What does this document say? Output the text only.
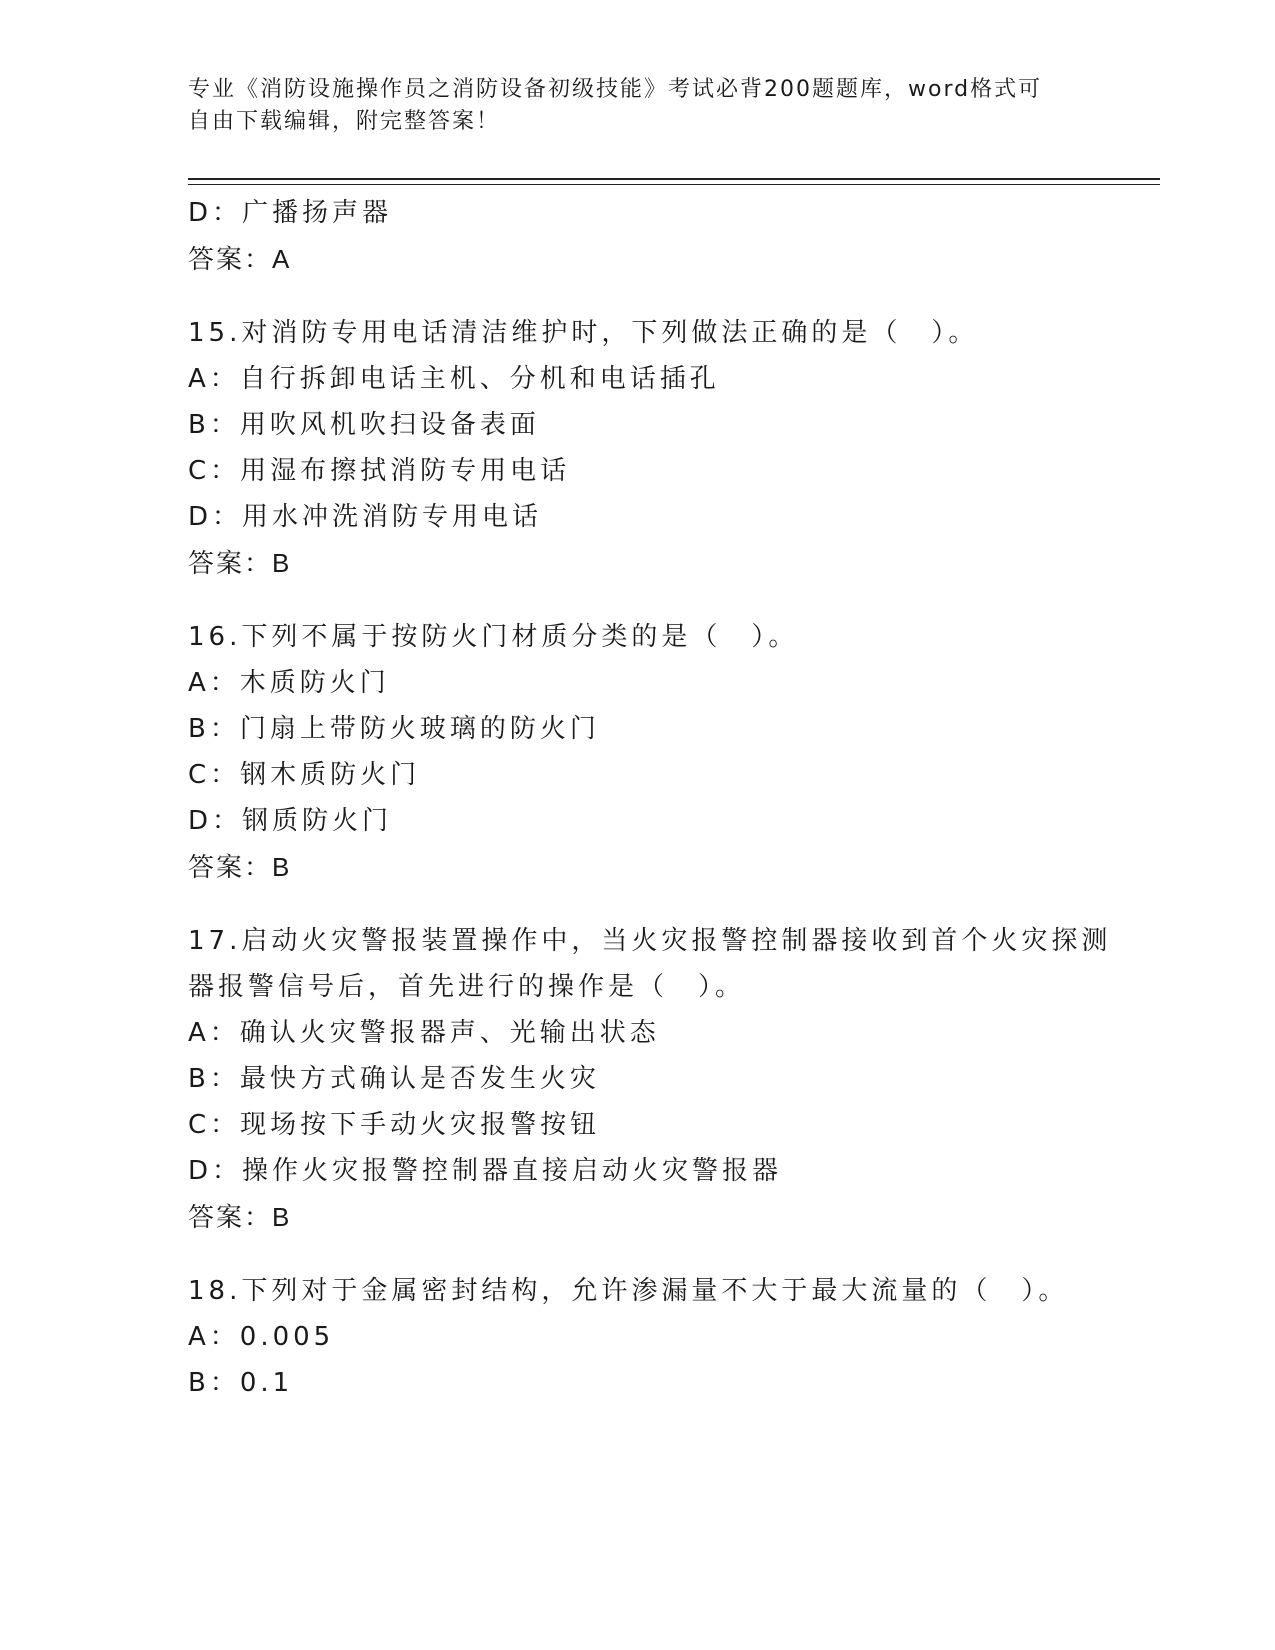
专业《消防设施操作员之消防设备初级技能》考试必背200题题库，word格式可
自由下载编辑，附完整答案！
D：广播扬声器
答案：A
15.对消防专用电话清洁维护时，下列做法正确的是（　）。
A：自行拆卸电话主机、分机和电话插孔
B：用吹风机吹扫设备表面
C：用湿布擦拭消防专用电话
D：用水冲洗消防专用电话
答案：B
16.下列不属于按防火门材质分类的是（　）。
A：木质防火门
B：门扇上带防火玻璃的防火门
C：钢木质防火门
D：钢质防火门
答案：B
17.启动火灾警报装置操作中，当火灾报警控制器接收到首个火灾探测
器报警信号后，首先进行的操作是（　）。
A：确认火灾警报器声、光输出状态
B：最快方式确认是否发生火灾
C：现场按下手动火灾报警按钮
D：操作火灾报警控制器直接启动火灾警报器
答案：B
18.下列对于金属密封结构，允许渗漏量不大于最大流量的（　）。
A：0.005
B：0.1
